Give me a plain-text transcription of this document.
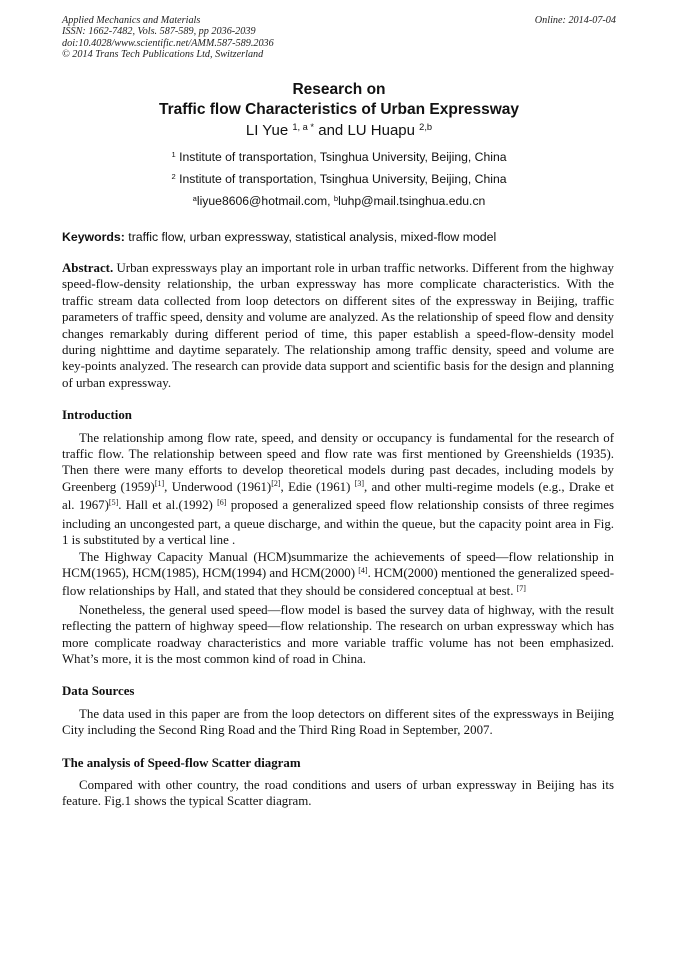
Applied Mechanics and Materials
ISSN: 1662-7482, Vols. 587-589, pp 2036-2039
doi:10.4028/www.scientific.net/AMM.587-589.2036
© 2014 Trans Tech Publications Ltd, Switzerland
Online: 2014-07-04
Research on
Traffic flow Characteristics of Urban Expressway
LI Yue $^{1, a *}$ and LU Huapu $^{2,b}$
$^1$ Institute of transportation, Tsinghua University, Beijing, China
$^2$ Institute of transportation, Tsinghua University, Beijing, China
$^a$liyue8606@hotmail.com, $^b$luhp@mail.tsinghua.edu.cn
Keywords: traffic flow, urban expressway, statistical analysis, mixed-flow model

Abstract. Urban expressways play an important role in urban traffic networks. Different from the highway speed-flow-density relationship, the urban expressway has more complicate characteristics. With the traffic stream data collected from loop detectors on different sites of the expressway in Beijing, traffic parameters of traffic speed, density and volume are analyzed. As the relationship of speed flow and density changes remarkably during different period of time, this paper establish a speed-flow-density model during nighttime and daytime separately. The relationship among traffic density, speed and volume are key-points analyzed. The research can provide data support and scientific basis for the design and planning of urban expressway.

Introduction

The relationship among flow rate, speed, and density or occupancy is fundamental for the research of traffic flow. The relationship between speed and flow rate was first mentioned by Greenshields (1935). Then there were many efforts to develop theoretical models during past decades, including models by Greenberg (1959)[1], Underwood (1961)[2], Edie (1961) [3], and other multi-regime models (e.g., Drake et al. 1967)[5]. Hall et al.(1992) [6] proposed a generalized speed flow relationship consists of three regimes including an uncongested part, a queue discharge, and within the queue, but the capacity point area in Fig. 1 is substituted by a vertical line .

The Highway Capacity Manual (HCM)summarize the achievements of speed—flow relationship in HCM(1965), HCM(1985), HCM(1994) and HCM(2000) [4]. HCM(2000) mentioned the generalized speed-flow relationships by Hall, and stated that they should be considered conceptual at best. [7]

Nonetheless, the general used speed—flow model is based the survey data of highway, with the result reflecting the pattern of highway speed—flow relationship. The research on urban expressway which has more complicate roadway characteristics and more variable traffic volume has not been emphasized. What’s more, it is the most common kind of road in China.

Data Sources

The data used in this paper are from the loop detectors on different sites of the expressways in Beijing City including the Second Ring Road and the Third Ring Road in September, 2007.

The analysis of Speed-flow Scatter diagram

Compared with other country, the road conditions and users of urban expressway in Beijing has its feature. Fig.1 shows the typical Scatter diagram.
